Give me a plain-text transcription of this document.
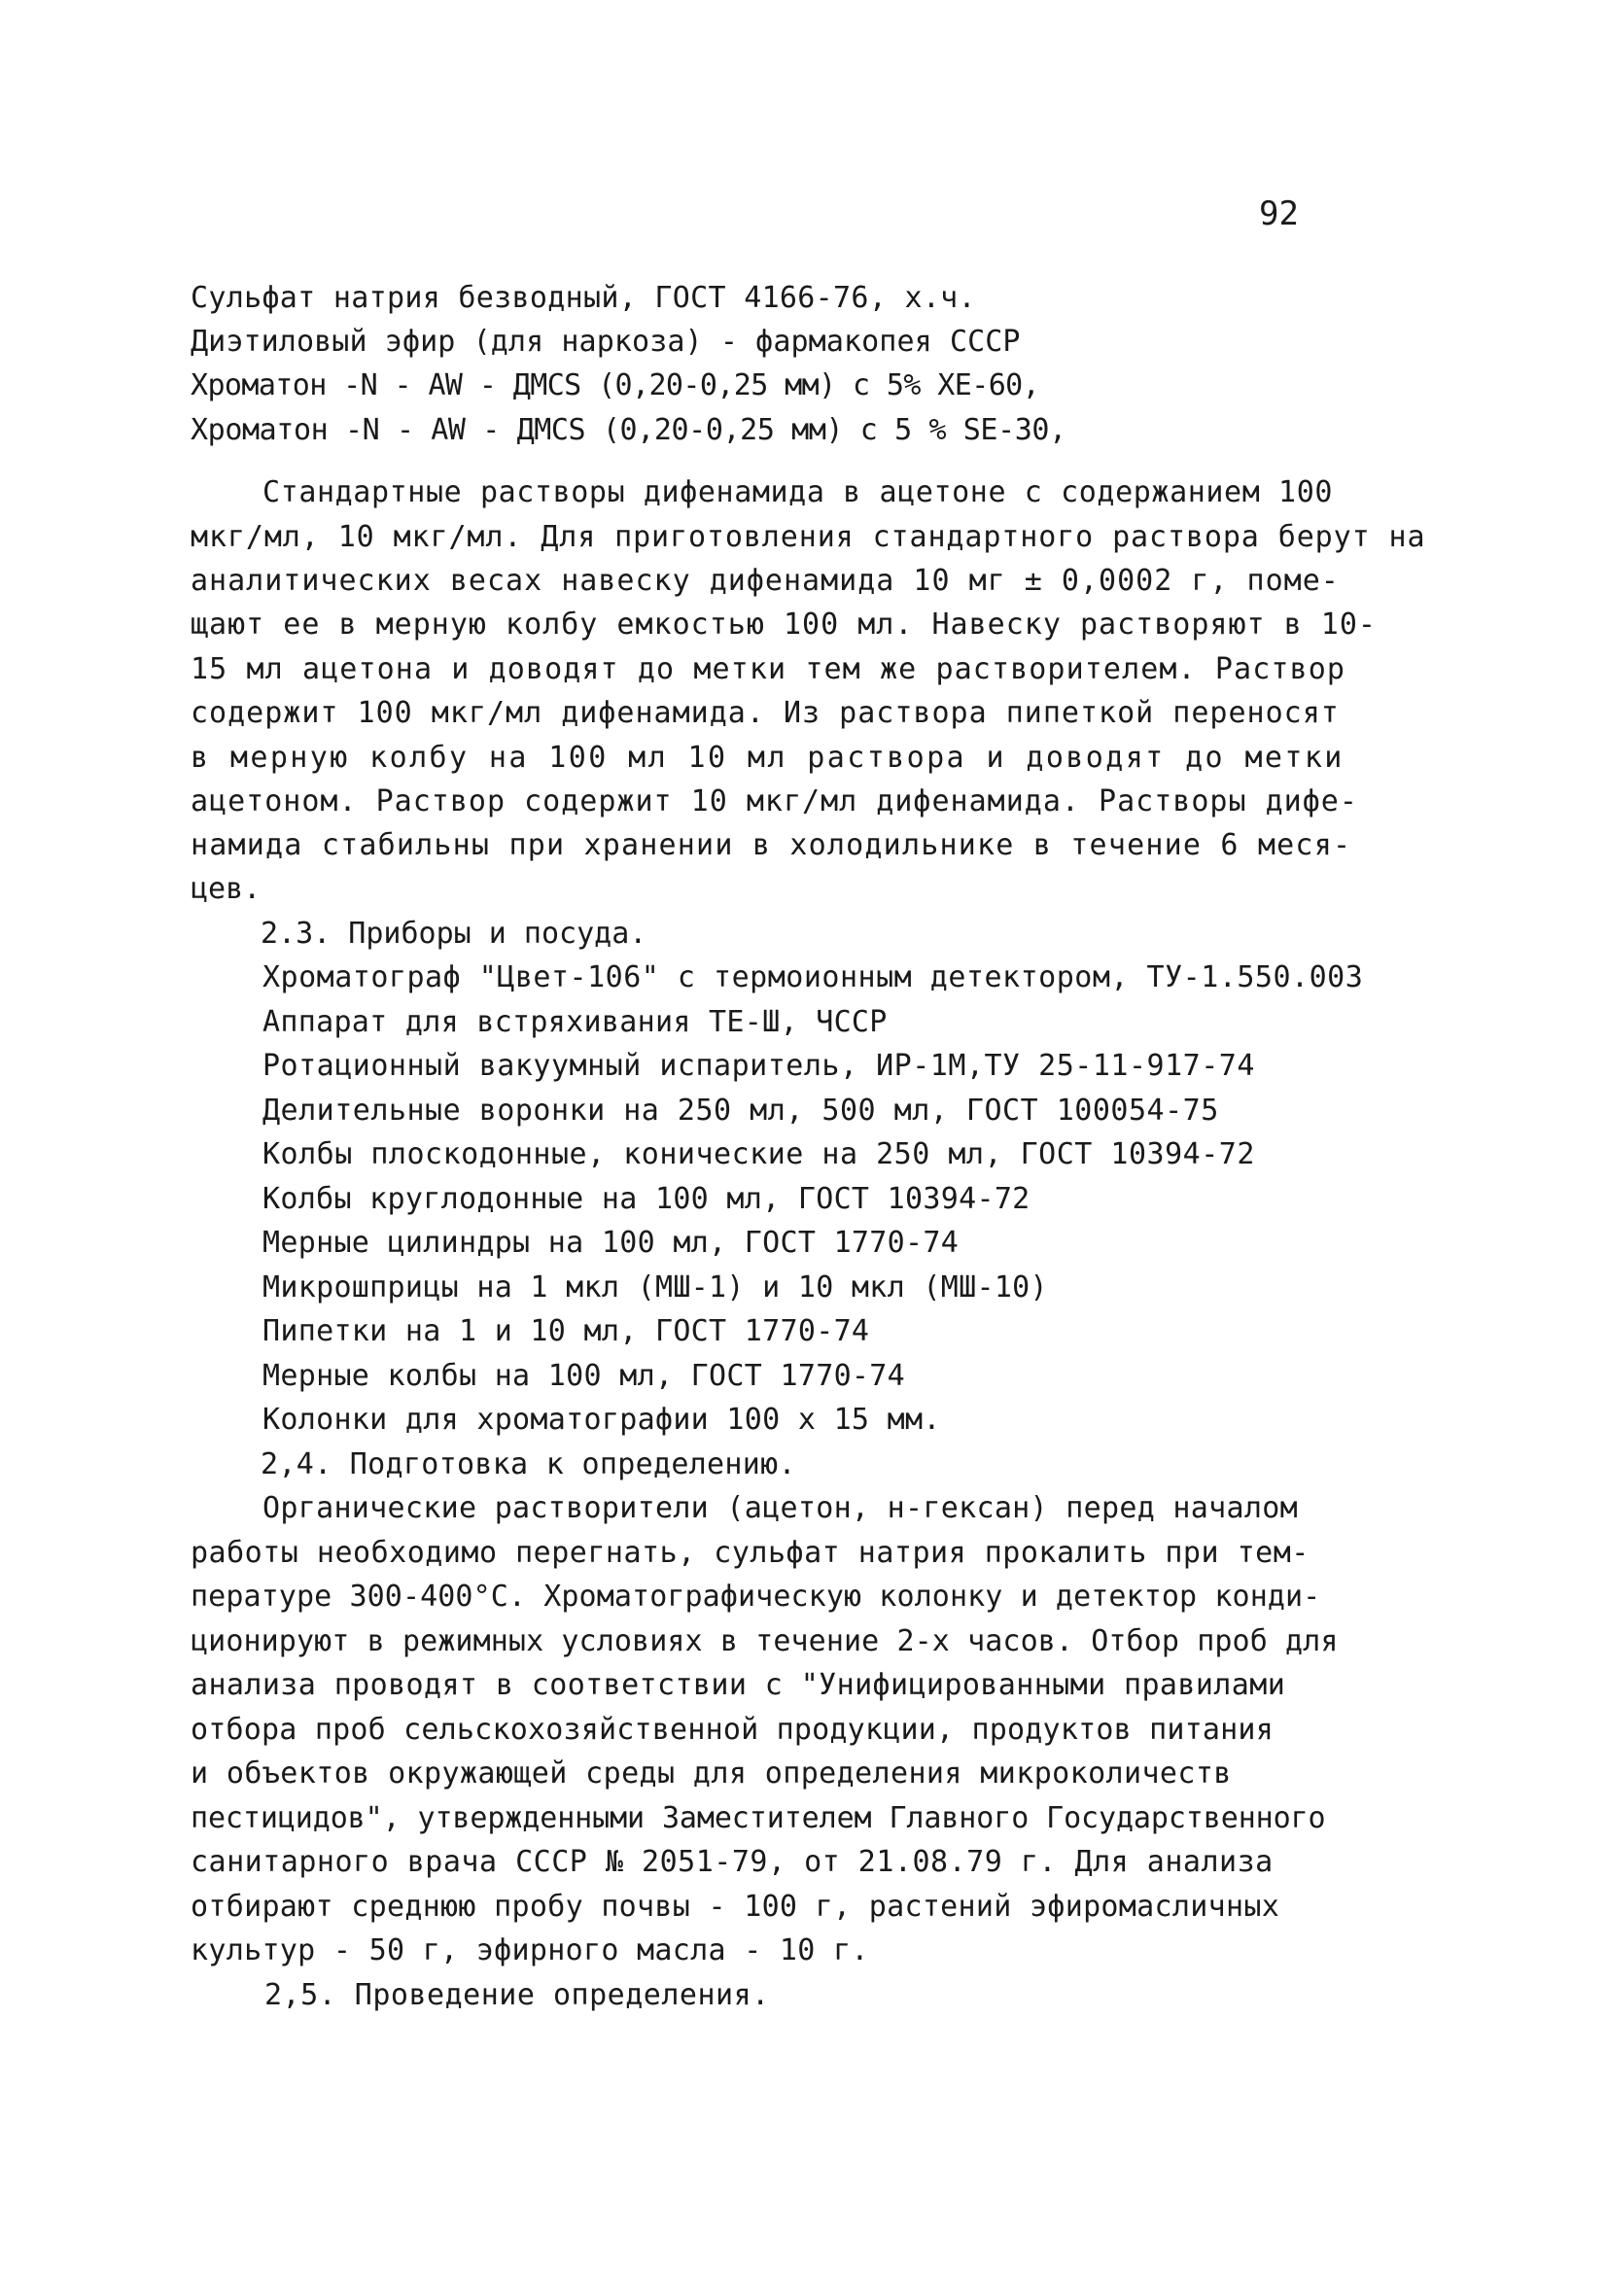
92
Сульфат натрия безводный, ГОСТ 4166-76, х.ч.
Диэтиловый эфир (для наркоза) - фармакопея СССР
Хроматон -N - AW - ДМСS (0,20-0,25 мм) с 5% ХЕ-60,
Хроматон -N - AW - ДМСS (0,20-0,25 мм) с 5 % SE-30,
Стандартные растворы дифенамида в ацетоне с содержанием 100
мкг/мл, 10 мкг/мл. Для приготовления стандартного раствора берут на
аналитических весах навеску дифенамида 10 мг ± 0,0002 г, поме-
щают ее в мерную колбу емкостью 100 мл. Навеску растворяют в 10-
15 мл ацетона и доводят до метки тем же растворителем. Раствор
содержит 100 мкг/мл дифенамида. Из раствора пипеткой переносят
в мерную колбу на 100 мл 10 мл раствора и доводят до метки
ацетоном. Раствор содержит 10 мкг/мл дифенамида. Растворы дифе-
намида стабильны при хранении в холодильнике в течение 6 меся-
цев.
2.3. Приборы и посуда.
Хроматограф "Цвет-106" с термоионным детектором, ТУ-1.550.003
Аппарат для встряхивания ТЕ-Ш, ЧССР
Ротационный вакуумный испаритель, ИР-1М,ТУ 25-11-917-74
Делительные воронки на 250 мл, 500 мл, ГОСТ 100054-75
Колбы плоскодонные, конические на 250 мл, ГОСТ 10394-72
Колбы круглодонные на 100 мл, ГОСТ 10394-72
Мерные цилиндры на 100 мл, ГОСТ 1770-74
Микрошприцы на 1 мкл (МШ-1) и 10 мкл (МШ-10)
Пипетки на 1 и 10 мл, ГОСТ 1770-74
Мерные колбы на 100 мл, ГОСТ 1770-74
Колонки для хроматографии 100 х 15 мм.
2,4. Подготовка к определению.
Органические растворители (ацетон, н-гексан) перед началом
работы необходимо перегнать, сульфат натрия прокалить при тем-
пературе 300-400°С. Хроматографическую колонку и детектор конди-
ционируют в режимных условиях в течение 2-х часов. Отбор проб для
анализа проводят в соответствии с "Унифицированными правилами
отбора проб сельскохозяйственной продукции, продуктов питания
и объектов окружающей среды для определения микроколичеств
пестицидов", утвержденными Заместителем Главного Государственного
санитарного врача СССР № 2051-79, от 21.08.79 г. Для анализа
отбирают среднюю пробу почвы - 100 г, растений эфиромасличных
культур - 50 г, эфирного масла - 10 г.
2,5. Проведение определения.
